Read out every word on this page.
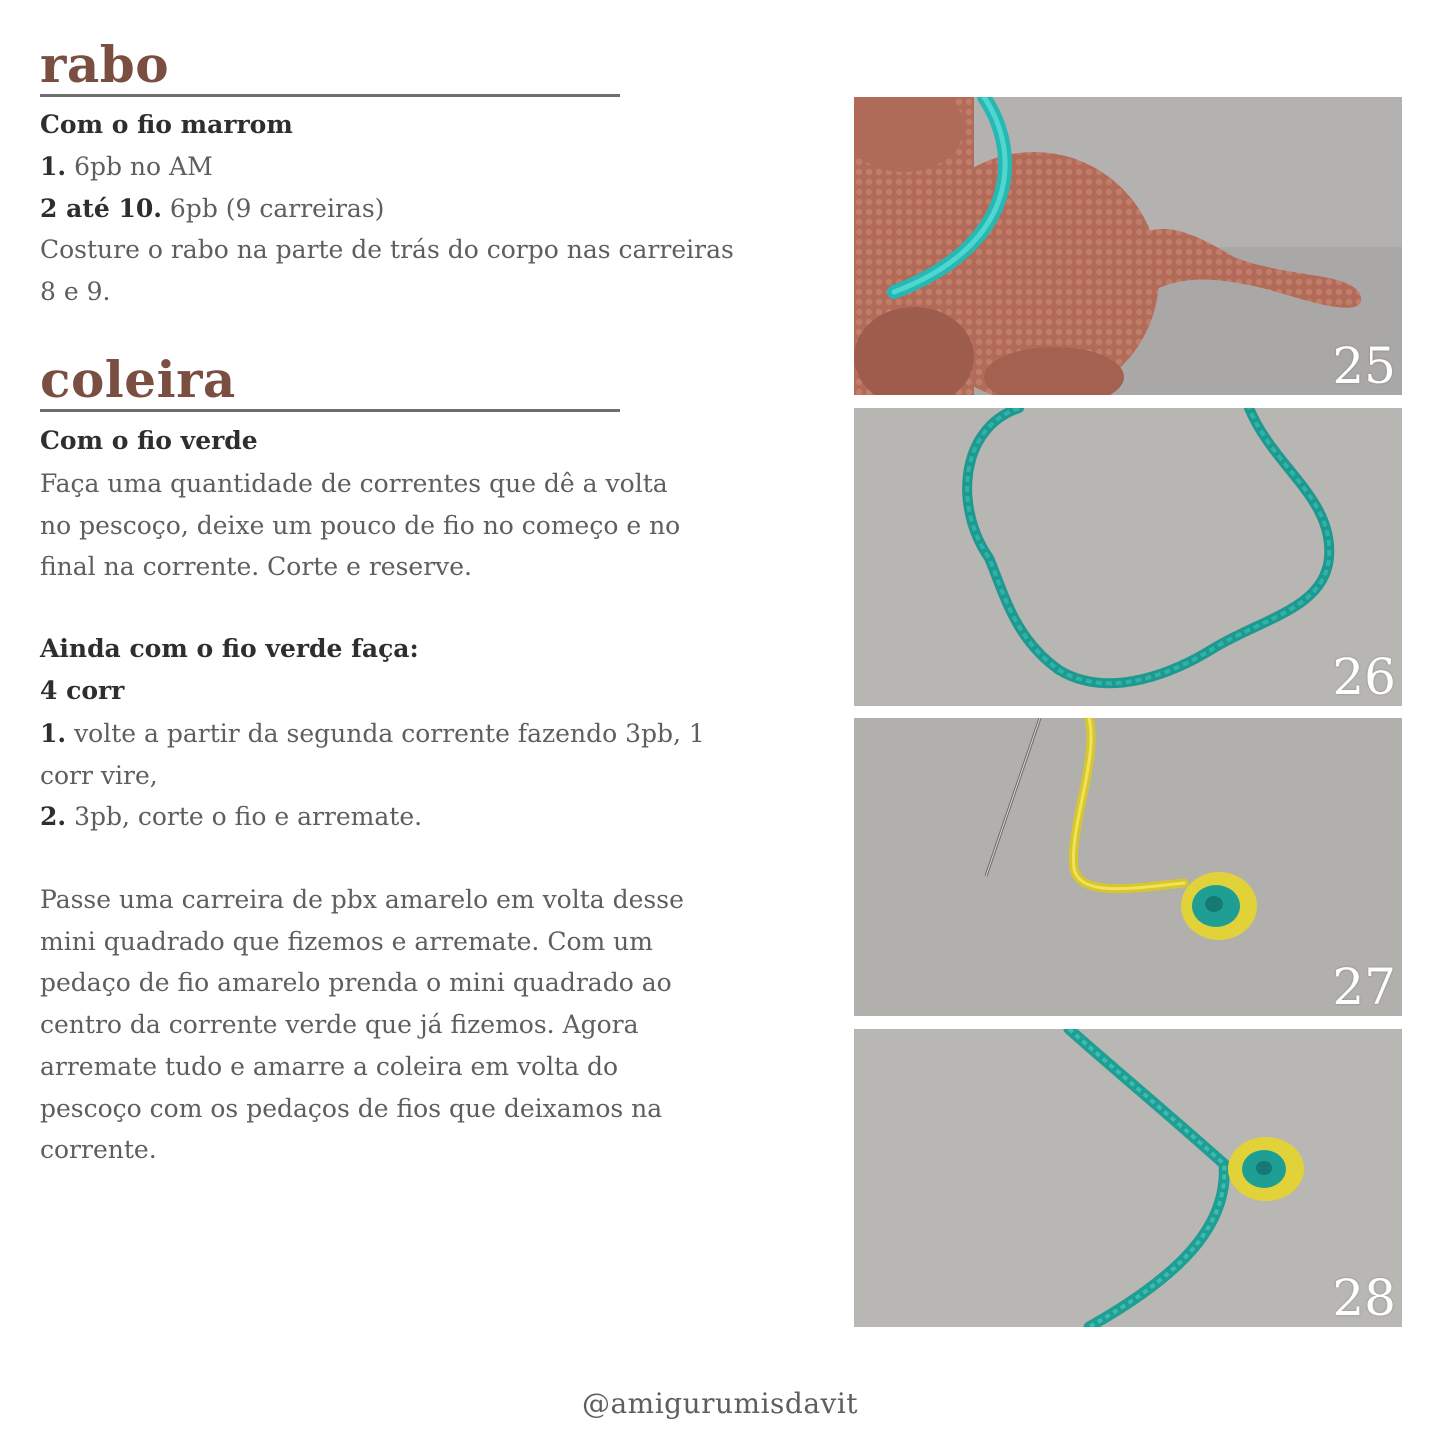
rabo
Com o fio marrom
1. 6pb no AM
2 até 10. 6pb (9 carreiras)
Costure o rabo na parte de trás do corpo nas carreiras
8 e 9.
coleira
Com o fio verde
Faça uma quantidade de correntes que dê a volta
no pescoço, deixe um pouco de fio no começo e no
final na corrente. Corte e reserve.
Ainda com o fio verde faça:
4 corr
1. volte a partir da segunda corrente fazendo 3pb, 1
corr vire,
2. 3pb, corte o fio e arremate.
Passe uma carreira de pbx amarelo em volta desse
mini quadrado que fizemos e arremate. Com um
pedaço de fio amarelo prenda o mini quadrado ao
centro da corrente verde que já fizemos. Agora
arremate tudo e amarre a coleira em volta do
pescoço com os pedaços de fios que deixamos na
corrente.
25
26
27
28
@amigurumisdavit
